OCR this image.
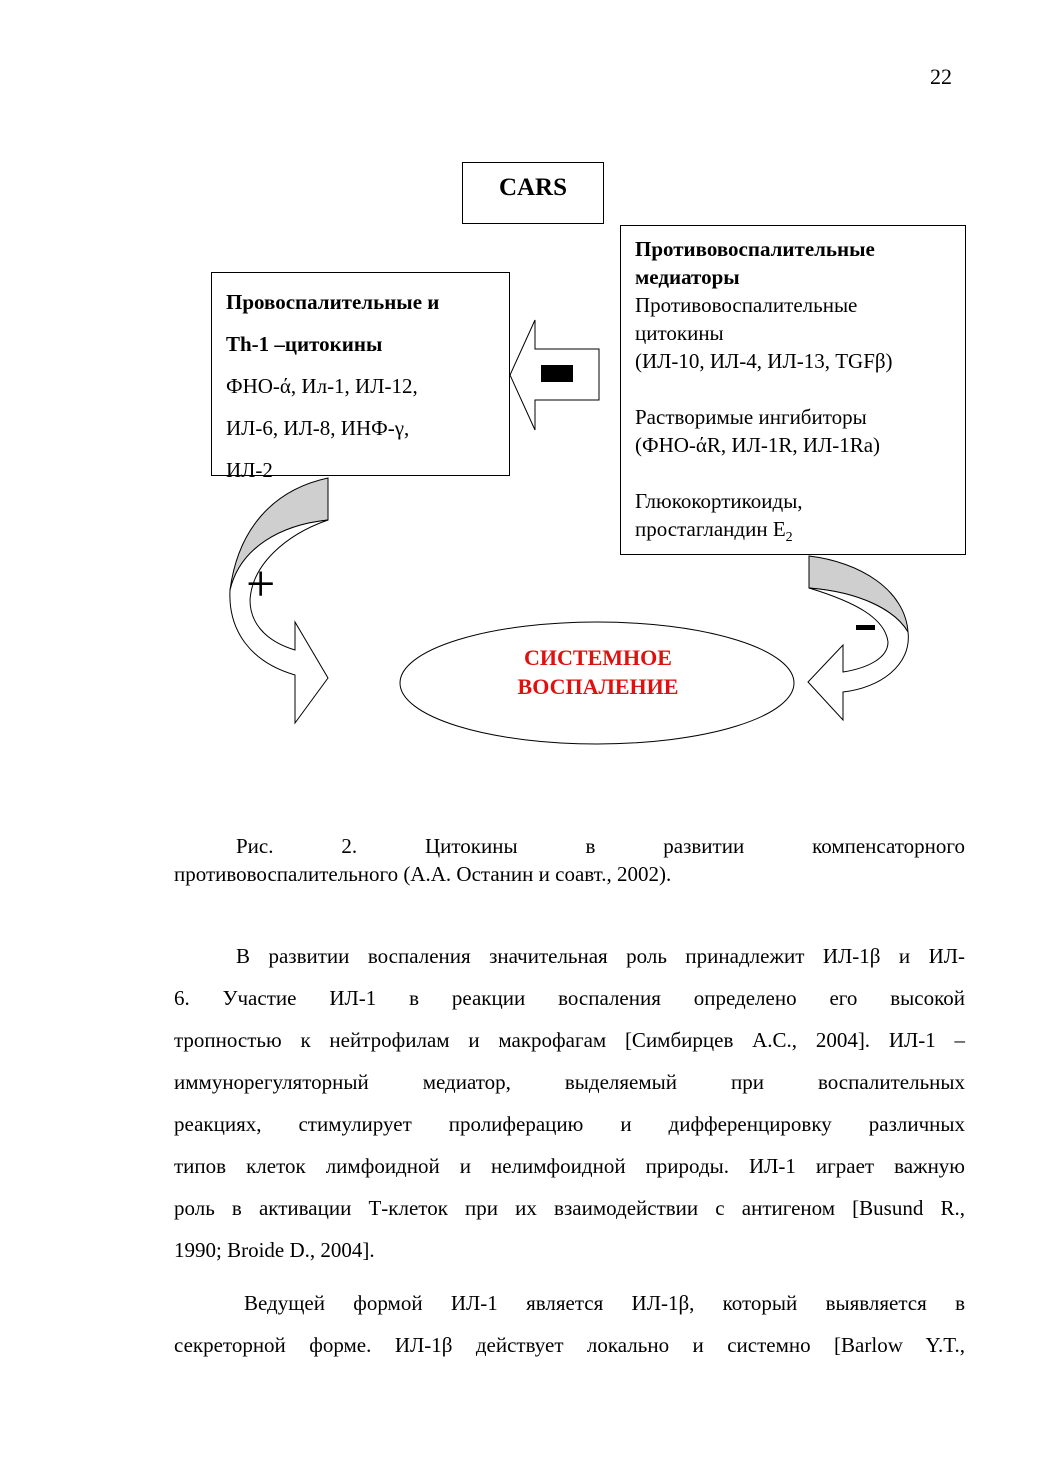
22
CARS
Провоспалительные и
Th-1 –цитокины
ФНО-ά, Ил-1, ИЛ-12,
ИЛ-6, ИЛ-8, ИНФ-γ,
ИЛ-2
Противовоспалительные
медиаторы
Противовоспалительные
цитокины
(ИЛ-10, ИЛ-4, ИЛ-13, TGFβ)
Растворимые ингибиторы
(ФНО-άR, ИЛ-1R, ИЛ-1Ra)
Глюкокортикоиды,
простагландин $E_2$
+
СИСТЕМНОЕ
ВОСПАЛЕНИЕ
Рис.	2.	Цитокины	в	развитии	компенсаторного
противовоспалительного (А.А. Останин и соавт., 2002).
В развитии воспаления значительная роль принадлежит ИЛ-1β и ИЛ-
6. Участие ИЛ-1 в реакции воспаления определено его высокой
тропностью к нейтрофилам и макрофагам [Симбирцев А.С., 2004]. ИЛ-1 –
иммунорегуляторный медиатор, выделяемый при воспалительных
реакциях, стимулирует пролиферацию и дифференцировку различных
типов клеток лимфоидной и нелимфоидной природы. ИЛ-1 играет важную
роль в активации Т-клеток при их взаимодействии с антигеном [Busund R.,
1990; Broide D., 2004].
Ведущей формой ИЛ-1 является ИЛ-1β, который выявляется в
секреторной форме. ИЛ-1β действует локально и системно [Barlow Y.T.,
